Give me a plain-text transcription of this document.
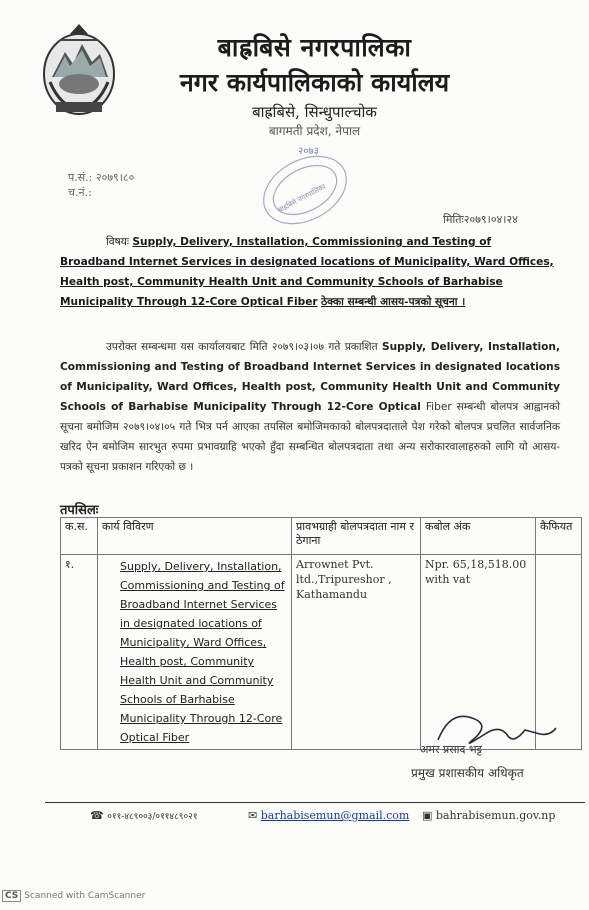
बाह्रबिसे नगरपालिका
नगर कार्यपालिकाको कार्यालय
बाह्रबिसे, सिन्धुपाल्चोक
बागमती प्रदेश, नेपाल
प.सं.: २०७९।८०
च.नं.:
२०७३
बाह्रबिसे नगरपालिका
मितिः२०७९।०४।२४
विषयः Supply, Delivery, Installation, Commissioning and Testing of Broadband Internet Services in designated locations of Municipality, Ward Offices, Health post, Community Health Unit and Community Schools of Barhabise Municipality Through 12-Core Optical Fiber ठेक्का सम्बन्धी आसय-पत्रको सूचना ।
उपरोक्त सम्बन्धमा यस कार्यालयबाट मिति २०७९।०३।०७ गते प्रकाशित Supply, Delivery, Installation, Commissioning and Testing of Broadband Internet Services in designated locations of Municipality, Ward Offices, Health post, Community Health Unit and Community Schools of Barhabise Municipality Through 12-Core Optical Fiber सम्बन्धी बोलपत्र आह्वानको सूचना बमोजिम २०७९।०४।०५ गते भित्र पर्न आएका तपसिल बमोजिमकाको बोलपत्रदाताले पेश गरेको बोलपत्र प्रचलित सार्वजनिक खरिद ऐन बमोजिम सारभुत रुपमा प्रभावग्राहि भएको हुँदा सम्बन्धित बोलपत्रदाता तथा अन्य सरोकारवालाहरुको लागि यो आसय-पत्रको सूचना प्रकाशन गरिएको छ ।
तपसिलः
क.स.	कार्य विविरण	प्रावभग्राही बोलपत्रदाता नाम र ठेगाना	कबोल अंक	कैफियत
१.	Supply, Delivery, Installation, Commissioning and Testing of Broadband Internet Services in designated locations of Municipality, Ward Offices, Health post, Community Health Unit and Community Schools of Barhabise Municipality Through 12-Core Optical Fiber	Arrownet Pvt. ltd.,Tripureshor , Kathamandu	Npr. 65,18,518.00 with vat	
अमर प्रसाद भट्ट
प्रमुख प्रशासकीय अधिकृत
☎ ०११-४८९००३/०११४८९०२१	✉ barhabisemun@gmail.com ▣ bahrabisemun.gov.np
CS Scanned with CamScanner
